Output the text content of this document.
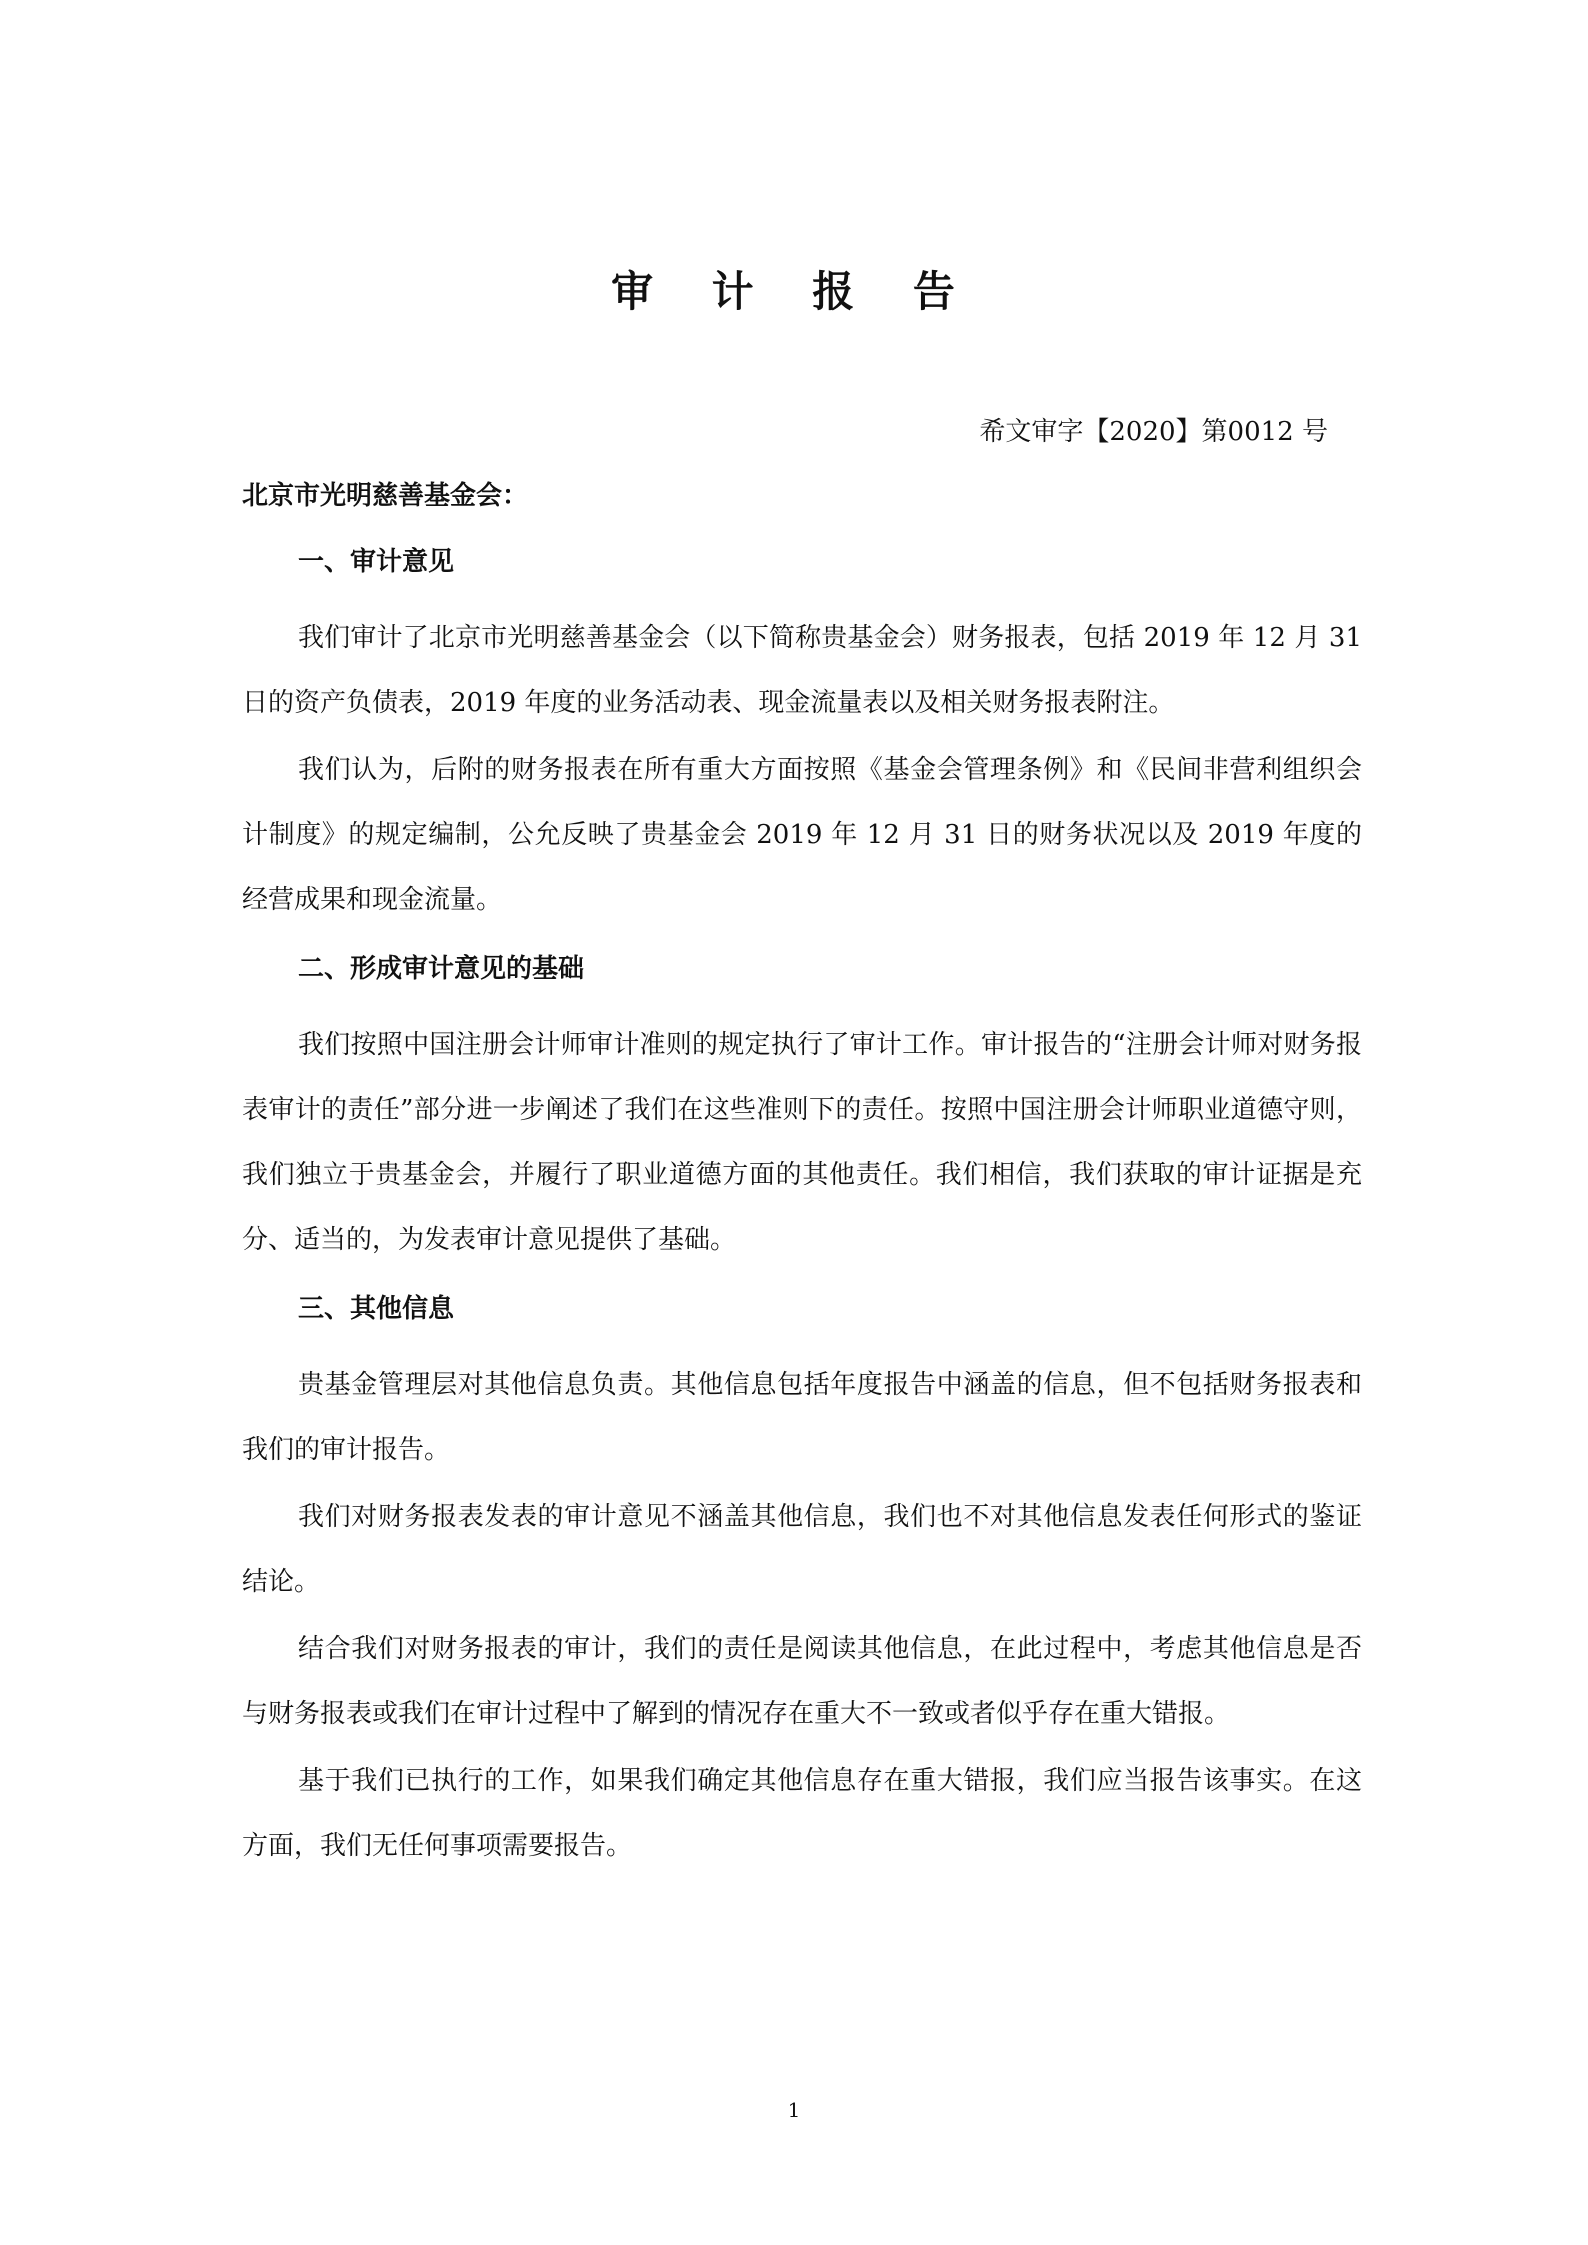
审 计 报 告
希文审字【2020】第0012 号

北京市光明慈善基金会：

一、审计意见

我们审计了北京市光明慈善基金会（以下简称贵基金会）财务报表，包括 2019 年 12 月 31 日的资产负债表，2019 年度的业务活动表、现金流量表以及相关财务报表附注。

我们认为，后附的财务报表在所有重大方面按照《基金会管理条例》和《民间非营利组织会计制度》的规定编制，公允反映了贵基金会 2019 年 12 月 31 日的财务状况以及 2019 年度的经营成果和现金流量。

二、形成审计意见的基础

我们按照中国注册会计师审计准则的规定执行了审计工作。审计报告的“注册会计师对财务报表审计的责任”部分进一步阐述了我们在这些准则下的责任。按照中国注册会计师职业道德守则，我们独立于贵基金会，并履行了职业道德方面的其他责任。我们相信，我们获取的审计证据是充分、适当的，为发表审计意见提供了基础。

三、其他信息

贵基金管理层对其他信息负责。其他信息包括年度报告中涵盖的信息，但不包括财务报表和我们的审计报告。

我们对财务报表发表的审计意见不涵盖其他信息，我们也不对其他信息发表任何形式的鉴证结论。

结合我们对财务报表的审计，我们的责任是阅读其他信息，在此过程中，考虑其他信息是否与财务报表或我们在审计过程中了解到的情况存在重大不一致或者似乎存在重大错报。

基于我们已执行的工作，如果我们确定其他信息存在重大错报，我们应当报告该事实。在这方面，我们无任何事项需要报告。

1
